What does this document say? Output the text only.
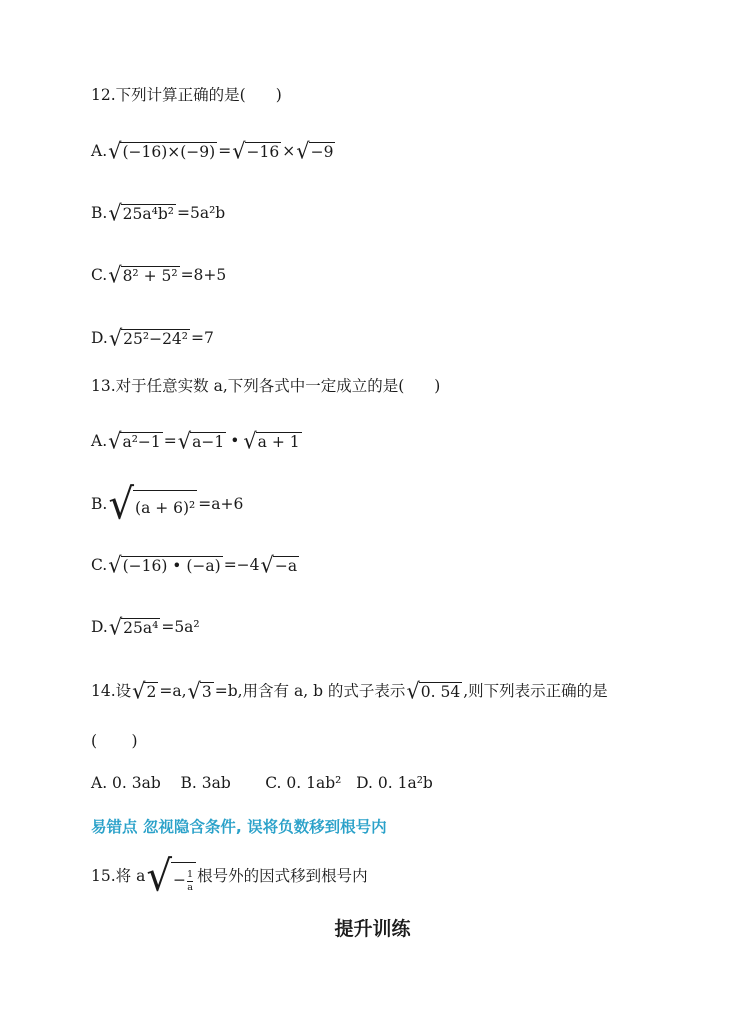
12.下列计算正确的是( )
A. √ (−16)×(−9) = √ −16 × √ −9
B. √ 25a⁴b² =5a²b
C. √ 8² + 5² =8+5
D. √ 25²−24² =7
13.对于任意实数 a,下列各式中一定成立的是( )
A. √ a²−1 = √ a−1 • √ a + 1
B. √ (a + 6)² =a+6
C. √ (−16) • (−a) =−4 √ −a
D. √ 25a⁴ =5a²
14.设 √ 2 =a, √ 3 =b,用含有 a, b 的式子表示 √ 0. 54 ,则下列表示正确的是
(       )
A. 0. 3ab    B. 3ab       C. 0. 1ab²   D. 0. 1a²b
易错点 忽视隐含条件, 误将负数移到根号内
15.将 a √ − $\frac{1}{a}$ 根号外的因式移到根号内
提升训练
